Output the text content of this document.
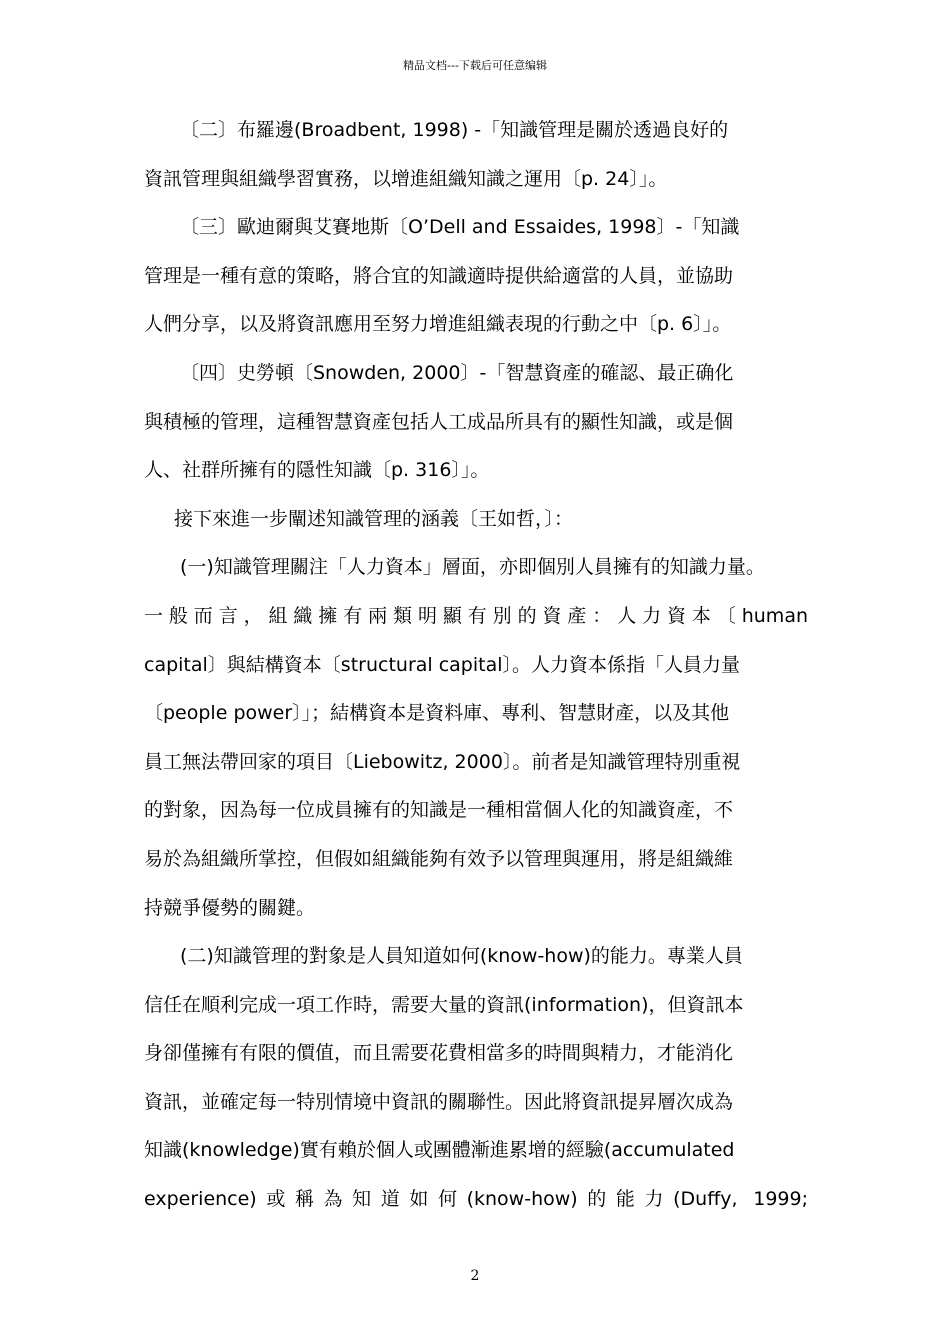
精品文档---下载后可任意编辑
〔二〕布羅邊(Broadbent, 1998) -「知識管理是關於透過良好的
資訊管理與組織學習實務，以增進組織知識之運用〔p. 24〕」。
〔三〕歐迪爾與艾賽地斯〔O’Dell and Essaides, 1998〕-「知識
管理是一種有意的策略，將合宜的知識適時提供給適當的人員，並協助
人們分享，以及將資訊應用至努力增進組織表現的行動之中〔p. 6〕」。
〔四〕史勞頓〔Snowden, 2000〕-「智慧資產的確認、最正确化
與積極的管理，這種智慧資產包括人工成品所具有的顯性知識，或是個
人、社群所擁有的隱性知識〔p. 316〕」。
接下來進一步闡述知識管理的涵義〔王如哲，〕：
(一)知識管理關注「人力資本」層面，亦即個別人員擁有的知識力量。
一般而言，組織擁有兩類明顯有別的資產：人力資本〔human
capital〕與結構資本〔structural capital〕。人力資本係指「人員力量
〔people power〕」；結構資本是資料庫、專利、智慧財產，以及其他
員工無法帶回家的項目〔Liebowitz, 2000〕。前者是知識管理特別重視
的對象，因為每一位成員擁有的知識是一種相當個人化的知識資產，不
易於為組織所掌控，但假如組織能夠有效予以管理與運用，將是組織維
持競爭優勢的關鍵。
(二)知識管理的對象是人員知道如何(know-how)的能力。專業人員
信任在順利完成一項工作時，需要大量的資訊(information)，但資訊本
身卻僅擁有有限的價值，而且需要花費相當多的時間與精力，才能消化
資訊，並確定每一特別情境中資訊的關聯性。因此將資訊提昇層次成為
知識(knowledge)實有賴於個人或團體漸進累增的經驗(accumulated
experience)或稱為知道如何(know-how)的能力(Duffy, 1999;
2
